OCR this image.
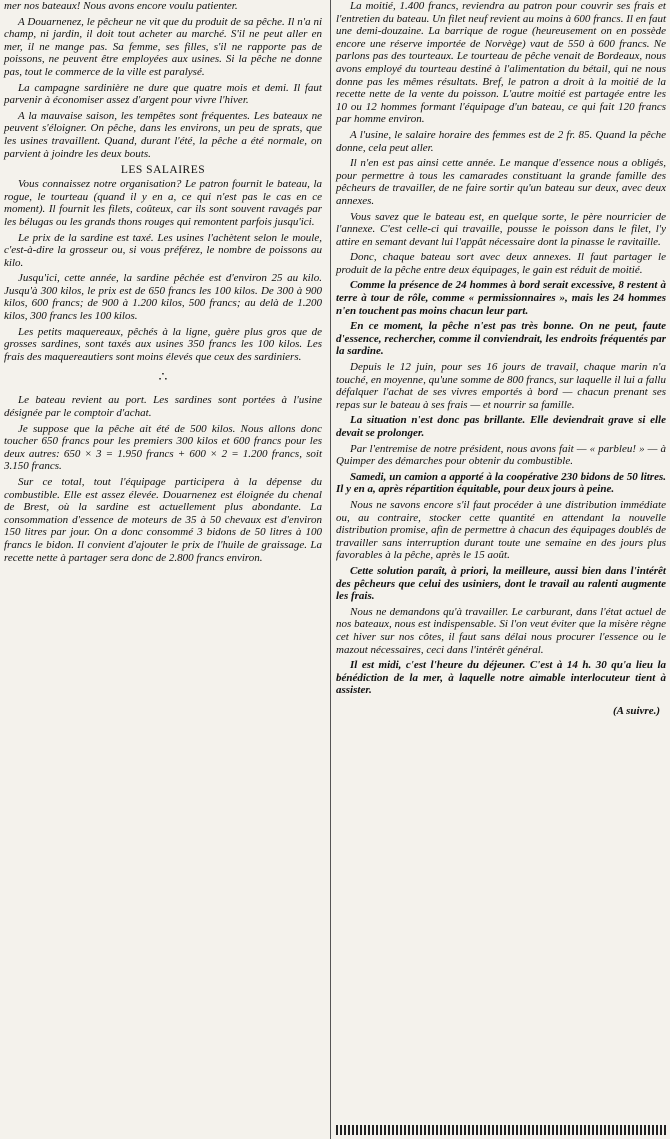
mer nos bateaux! Nous avons encore voulu patienter.

A Douarnenez, le pêcheur ne vit que du produit de sa pêche. Il n'a ni champ, ni jardin, il doit tout acheter au marché. S'il ne peut aller en mer, il ne mange pas. Sa femme, ses filles, s'il ne rapporte pas de poissons, ne peuvent être employées aux usines. Si la pêche ne donne pas, tout le commerce de la ville est paralysé.

La campagne sardinière ne dure que quatre mois et demi. Il faut parvenir à économiser assez d'argent pour vivre l'hiver.

A la mauvaise saison, les tempêtes sont fréquentes. Les bateaux ne peuvent s'éloigner. On pêche, dans les environs, un peu de sprats, que les usines travaillent. Quand, durant l'été, la pêche a été normale, on parvient à joindre les deux bouts.

LES SALAIRES

Vous connaissez notre organisation? Le patron fournit le bateau, la rogue, le tourteau (quand il y en a, ce qui n'est pas le cas en ce moment). Il fournit les filets, coûteux, car ils sont souvent ravagés par les bélugas ou les grands thons rouges qui remontent parfois jusqu'ici.

Le prix de la sardine est taxé. Les usines l'achètent selon le moule, c'est-à-dire la grosseur ou, si vous préférez, le nombre de poissons au kilo.

Jusqu'ici, cette année, la sardine pêchée est d'environ 25 au kilo. Jusqu'à 300 kilos, le prix est de 650 francs les 100 kilos. De 300 à 900 kilos, 600 francs; de 900 à 1.200 kilos, 500 francs; au delà de 1.200 kilos, 300 francs les 100 kilos.

Les petits maquereaux, pêchés à la ligne, guère plus gros que de grosses sardines, sont taxés aux usines 350 francs les 100 kilos. Les frais des maquereautiers sont moins élevés que ceux des sardiniers.

∴

Le bateau revient au port. Les sardines sont portées à l'usine désignée par le comptoir d'achat.

Je suppose que la pêche ait été de 500 kilos. Nous allons donc toucher 650 francs pour les premiers 300 kilos et 600 francs pour les deux autres: 650 × 3 = 1.950 francs + 600 × 2 = 1.200 francs, soit 3.150 francs.

Sur ce total, tout l'équipage participera à la dépense du combustible. Elle est assez élevée. Douarnenez est éloignée du chenal de Brest, où la sardine est actuellement plus abondante. La consommation d'essence de moteurs de 35 à 50 chevaux est d'environ 150 litres par jour. On a donc consommé 3 bidons de 50 litres à 100 francs le bidon. Il convient d'ajouter le prix de l'huile de graissage. La recette nette à partager sera donc de 2.800 francs environ.

La moitié, 1.400 francs, reviendra au patron pour couvrir ses frais et l'entretien du bateau. Un filet neuf revient au moins à 600 francs. Il en faut une demi-douzaine. La barrique de rogue (heureusement on en possède encore une réserve importée de Norvège) vaut de 550 à 600 francs. Ne parlons pas des tourteaux. Le tourteau de pêche venait de Bordeaux, nous avons employé du tourteau destiné à l'alimentation du bétail, qui ne nous donne pas les mêmes résultats. Bref, le patron a droit à la moitié de la recette nette de la vente du poisson. L'autre moitié est partagée entre les 10 ou 12 hommes formant l'équipage d'un bateau, ce qui fait 120 francs par homme environ.

A l'usine, le salaire horaire des femmes est de 2 fr. 85. Quand la pêche donne, cela peut aller.

Il n'en est pas ainsi cette année. Le manque d'essence nous a obligés, pour permettre à tous les camarades constituant la grande famille des pêcheurs de travailler, de ne faire sortir qu'un bateau sur deux, avec deux annexes.

Vous savez que le bateau est, en quelque sorte, le père nourricier de l'annexe. C'est celle-ci qui travaille, pousse le poisson dans le filet, l'y attire en semant devant lui l'appât nécessaire dont la pinasse le ravitaille.

Donc, chaque bateau sort avec deux annexes. Il faut partager le produit de la pêche entre deux équipages, le gain est réduit de moitié.

Comme la présence de 24 hommes à bord serait excessive, 8 restent à terre à tour de rôle, comme « permissionnaires », mais les 24 hommes n'en touchent pas moins chacun leur part.

En ce moment, la pêche n'est pas très bonne. On ne peut, faute d'essence, rechercher, comme il conviendrait, les endroits fréquentés par la sardine.

Depuis le 12 juin, pour ses 16 jours de travail, chaque marin n'a touché, en moyenne, qu'une somme de 800 francs, sur laquelle il lui a fallu défalquer l'achat de ses vivres emportés à bord — chacun prenant ses repas sur le bateau à ses frais — et nourrir sa famille.

La situation n'est donc pas brillante. Elle deviendrait grave si elle devait se prolonger.

Par l'entremise de notre président, nous avons fait — « parbleu! » — à Quimper des démarches pour obtenir du combustible.

Samedi, un camion a apporté à la coopérative 230 bidons de 50 litres. Il y en a, après répartition équitable, pour deux jours à peine.

Nous ne savons encore s'il faut procéder à une distribution immédiate ou, au contraire, stocker cette quantité en attendant la nouvelle distribution promise, afin de permettre à chacun des équipages doublés de travailler sans interruption durant toute une semaine en des jours plus favorables à la pêche, après le 15 août.

Cette solution paraît, à priori, la meilleure, aussi bien dans l'intérêt des pêcheurs que celui des usiniers, dont le travail au ralenti augmente les frais.

Nous ne demandons qu'à travailler. Le carburant, dans l'état actuel de nos bateaux, nous est indispensable. Si l'on veut éviter que la misère règne cet hiver sur nos côtes, il faut sans délai nous procurer l'essence ou le mazout nécessaires, ceci dans l'intérêt général.

Il est midi, c'est l'heure du déjeuner. C'est à 14 h. 30 qu'a lieu la bénédiction de la mer, à laquelle notre aimable interlocuteur tient à assister.

(A suivre.)
